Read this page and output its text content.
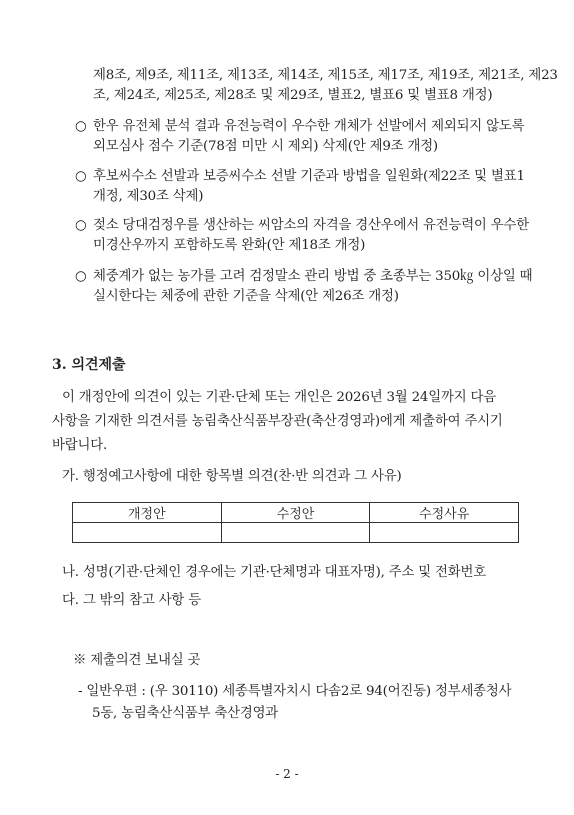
제8조, 제9조, 제11조, 제13조, 제14조, 제15조, 제17조, 제19조, 제21조, 제23
조, 제24조, 제25조, 제28조 및 제29조, 별표2, 별표6 및 별표8 개정)
○ 한우 유전체 분석 결과 유전능력이 우수한 개체가 선발에서 제외되지 않도록
외모심사 점수 기준(78점 미만 시 제외) 삭제(안 제9조 개정)
○ 후보씨수소 선발과 보증씨수소 선발 기준과 방법을 일원화(제22조 및 별표1
개정, 제30조 삭제)
○ 젖소 당대검정우를 생산하는 씨암소의 자격을 경산우에서 유전능력이 우수한
미경산우까지 포함하도록 완화(안 제18조 개정)
○ 체중계가 없는 농가를 고려 검정말소 관리 방법 중 초종부는 350㎏ 이상일 때
실시한다는 체중에 관한 기준을 삭제(안 제26조 개정)
3. 의견제출
이 개정안에 의견이 있는 기관·단체 또는 개인은 2026년 3월 24일까지 다음
사항을 기재한 의견서를 농림축산식품부장관(축산경영과)에게 제출하여 주시기
바랍니다.
가. 행정예고사항에 대한 항목별 의견(찬·반 의견과 그 사유)
개정안	수정안	수정사유

나. 성명(기관·단체인 경우에는 기관·단체명과 대표자명), 주소 및 전화번호
다. 그 밖의 참고 사항 등
※ 제출의견 보내실 곳
- 일반우편 : (우 30110) 세종특별자치시 다솜2로 94(어진동) 정부세종청사
5동, 농림축산식품부 축산경영과
- 2 -
